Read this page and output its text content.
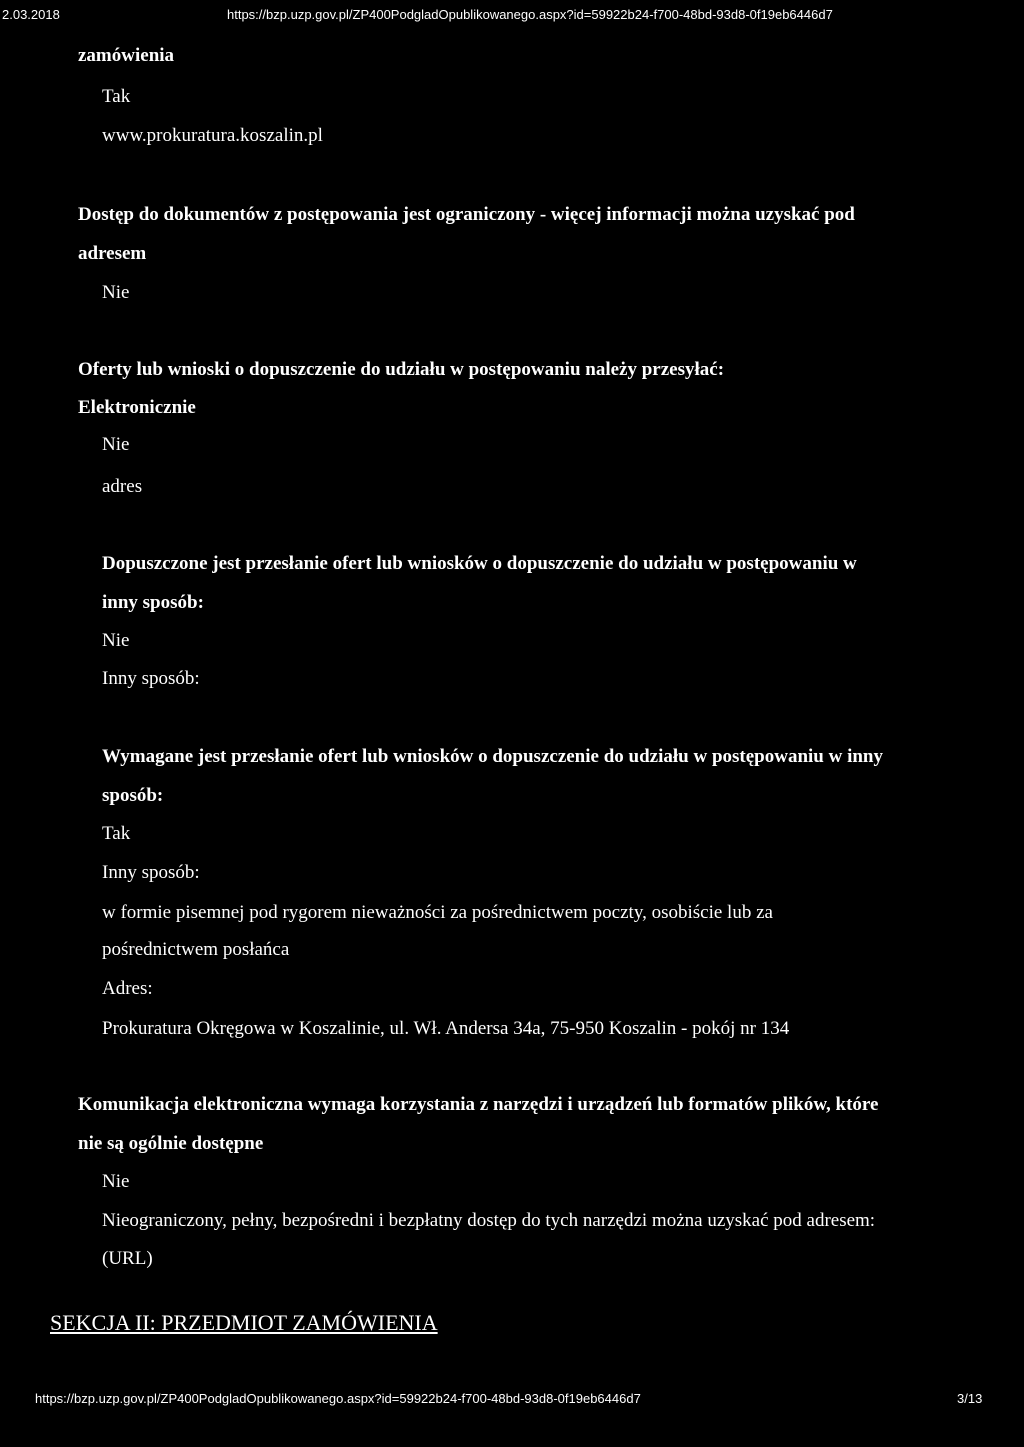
2.03.2018	https://bzp.uzp.gov.pl/ZP400PodgladOpublikowanego.aspx?id=59922b24-f700-48bd-93d8-0f19eb6446d7
zamówienia
Tak
www.prokuratura.koszalin.pl
Dostęp do dokumentów z postępowania jest ograniczony - więcej informacji można uzyskać pod
adresem
Nie
Oferty lub wnioski o dopuszczenie do udziału w postępowaniu należy przesyłać:
Elektronicznie
Nie
adres
Dopuszczone jest przesłanie ofert lub wniosków o dopuszczenie do udziału w postępowaniu w
inny sposób:
Nie
Inny sposób:
Wymagane jest przesłanie ofert lub wniosków o dopuszczenie do udziału w postępowaniu w inny
sposób:
Tak
Inny sposób:
w formie pisemnej pod rygorem nieważności za pośrednictwem poczty, osobiście lub za
pośrednictwem posłańca
Adres:
Prokuratura Okręgowa w Koszalinie, ul. Wł. Andersa 34a, 75-950 Koszalin - pokój nr 134
Komunikacja elektroniczna wymaga korzystania z narzędzi i urządzeń lub formatów plików, które
nie są ogólnie dostępne
Nie
Nieograniczony, pełny, bezpośredni i bezpłatny dostęp do tych narzędzi można uzyskać pod adresem:
(URL)
SEKCJA II: PRZEDMIOT ZAMÓWIENIA
https://bzp.uzp.gov.pl/ZP400PodgladOpublikowanego.aspx?id=59922b24-f700-48bd-93d8-0f19eb6446d7	3/13
